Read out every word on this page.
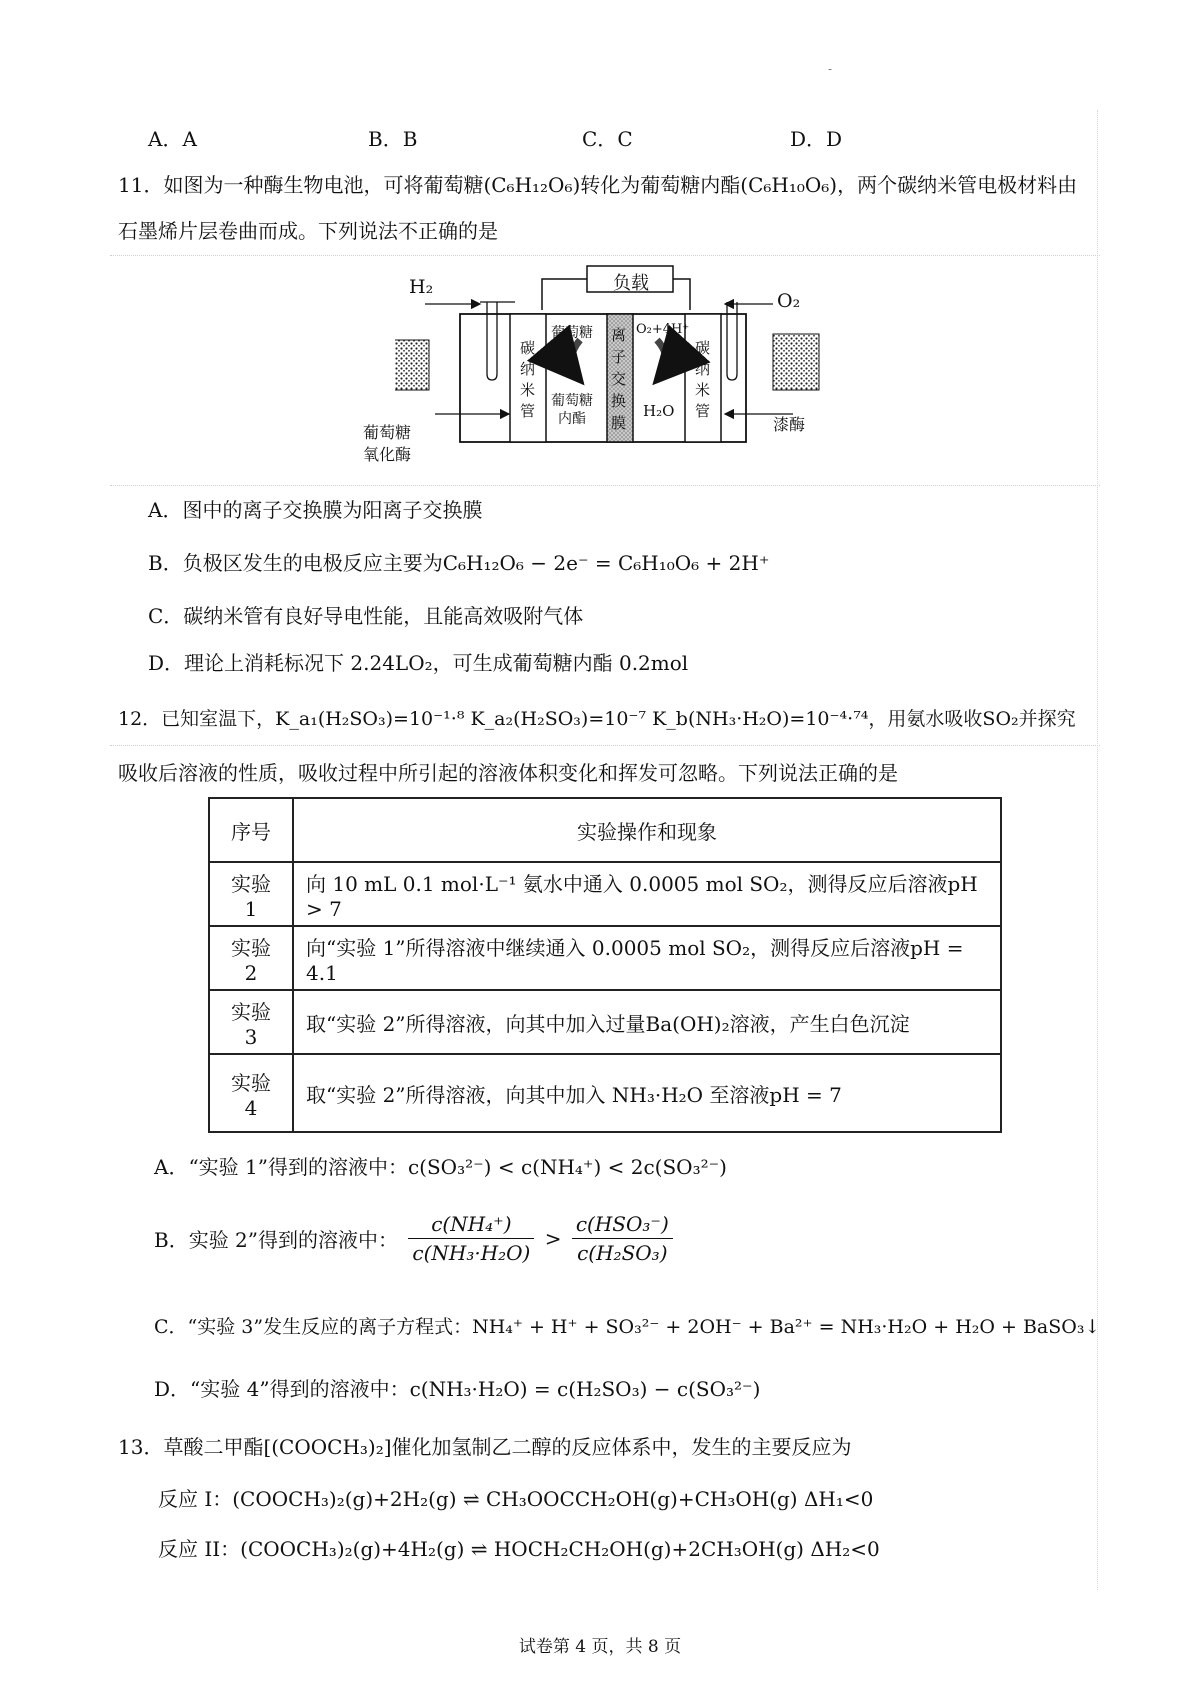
-
A．A	B．B	C．C	D．D
11．如图为一种酶生物电池，可将葡萄糖(C₆H₁₂O₆)转化为葡萄糖内酯(C₆H₁₀O₆)，两个碳纳米管电极材料由
石墨烯片层卷曲而成。下列说法不正确的是
负载
H₂
O₂
碳
纳
米
管
碳
纳
米
管
离
子
交
换
膜
葡萄糖
葡萄糖
内酯
O₂+4H⁺
H₂O
葡萄糖
氧化酶
漆酶
A．图中的离子交换膜为阳离子交换膜
B．负极区发生的电极反应主要为C₆H₁₂O₆ − 2e⁻ = C₆H₁₀O₆ + 2H⁺
C．碳纳米管有良好导电性能，且能高效吸附气体
D．理论上消耗标况下 2.24LO₂，可生成葡萄糖内酯 0.2mol
12．已知室温下，K_a₁(H₂SO₃)=10⁻¹·⁸ K_a₂(H₂SO₃)=10⁻⁷ K_b(NH₃·H₂O)=10⁻⁴·⁷⁴，用氨水吸收SO₂并探究
吸收后溶液的性质，吸收过程中所引起的溶液体积变化和挥发可忽略。下列说法正确的是
序号	实验操作和现象
实验 1	向 10 mL 0.1 mol·L⁻¹ 氨水中通入 0.0005 mol SO₂，测得反应后溶液pH > 7
实验 2	向“实验 1”所得溶液中继续通入 0.0005 mol SO₂，测得反应后溶液pH = 4.1
实验 3	取“实验 2”所得溶液，向其中加入过量Ba(OH)₂溶液，产生白色沉淀
实验 4	取“实验 2”所得溶液，向其中加入 NH₃·H₂O 至溶液pH = 7
A．“实验 1”得到的溶液中：c(SO₃²⁻) < c(NH₄⁺) < 2c(SO₃²⁻)
B．实验 2”得到的溶液中： $\frac{\text{c(NH₄⁺)}}{\text{c(NH₃·H₂O)}} > \frac{\text{c(HSO₃⁻)}}{\text{c(H₂SO₃)}}$
C．“实验 3”发生反应的离子方程式：NH₄⁺ + H⁺ + SO₃²⁻ + 2OH⁻ + Ba²⁺ = NH₃·H₂O + H₂O + BaSO₃↓
D．“实验 4”得到的溶液中：c(NH₃·H₂O) = c(H₂SO₃) − c(SO₃²⁻)
13．草酸二甲酯[(COOCH₃)₂]催化加氢制乙二醇的反应体系中，发生的主要反应为
反应 I：(COOCH₃)₂(g)+2H₂(g) ⇌ CH₃OOCCH₂OH(g)+CH₃OH(g) ΔH₁<0
反应 II：(COOCH₃)₂(g)+4H₂(g) ⇌ HOCH₂CH₂OH(g)+2CH₃OH(g) ΔH₂<0
试卷第 4 页，共 8 页
